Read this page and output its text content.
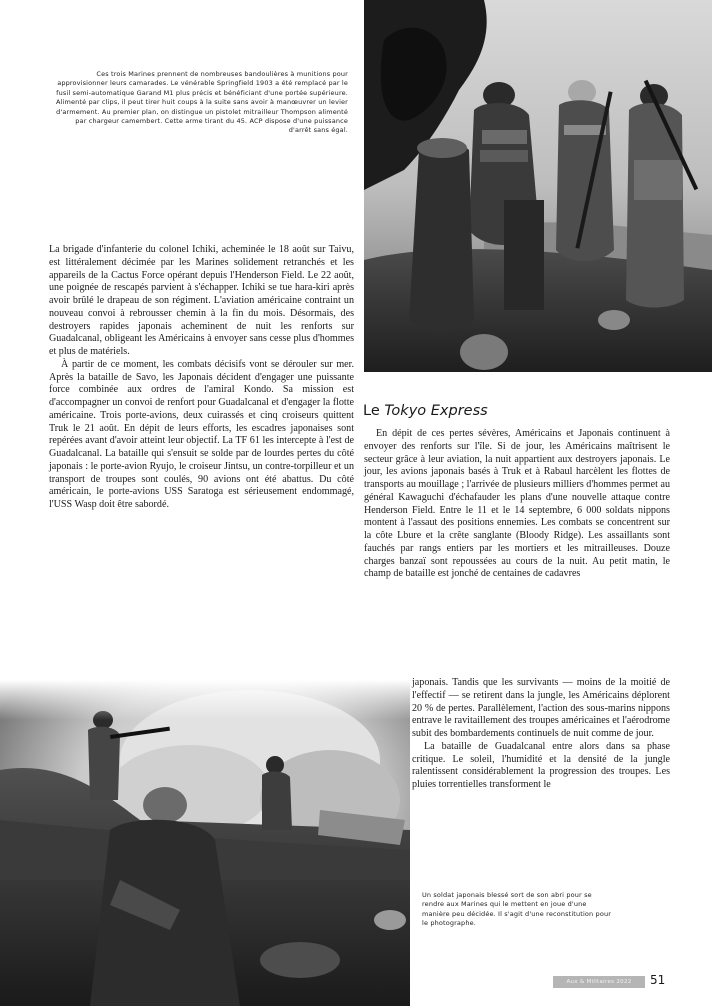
Ces trois Marines prennent de nombreuses bandoulières à munitions pour approvisionner leurs camarades. Le vénérable Springfield 1903 a été remplacé par le fusil semi-automatique Garand M1 plus précis et bénéficiant d'une portée supérieure. Alimenté par clips, il peut tirer huit coups à la suite sans avoir à manœuvrer un levier d'armement. Au premier plan, on distingue un pistolet mitrailleur Thompson alimenté par chargeur camembert. Cette arme tirant du 45. ACP dispose d'une puissance d'arrêt sans égal.

La brigade d'infanterie du colonel Ichiki, acheminée le 18 août sur Taivu, est littéralement décimée par les Marines solidement retranchés et les appareils de la Cactus Force opérant depuis l'Henderson Field. Le 22 août, une poignée de rescapés parvient à s'échapper. Ichiki se tue hara-kiri après avoir brûlé le drapeau de son régiment. L'aviation américaine contraint un nouveau convoi à rebrousser chemin à la fin du mois. Désormais, des destroyers rapides japonais acheminent de nuit les renforts sur Guadalcanal, obligeant les Américains à envoyer sans cesse plus d'hommes et plus de matériels.

À partir de ce moment, les combats décisifs vont se dérouler sur mer. Après la bataille de Savo, les Japonais décident d'engager une puissante force combinée aux ordres de l'amiral Kondo. Sa mission est d'accompagner un convoi de renfort pour Guadalcanal et d'engager la flotte américaine. Trois porte-avions, deux cuirassés et cinq croiseurs quittent Truk le 21 août. En dépit de leurs efforts, les escadres japonaises sont repérées avant d'avoir atteint leur objectif. La TF 61 les intercepte à l'est de Guadalcanal. La bataille qui s'ensuit se solde par de lourdes pertes du côté japonais : le porte-avion Ryujo, le croiseur Jintsu, un contre-torpilleur et un transport de troupes sont coulés, 90 avions ont été abattus. Du côté américain, le porte-avions USS Saratoga est sérieusement endommagé, l'USS Wasp doit être sabordé.

Le Tokyo Express

En dépit de ces pertes sévères, Américains et Japonais continuent à envoyer des renforts sur l'île. Si de jour, les Américains maîtrisent le secteur grâce à leur aviation, la nuit appartient aux destroyers japonais. Le jour, les avions japonais basés à Truk et à Rabaul harcèlent les flottes de transports au mouillage ; l'arrivée de plusieurs milliers d'hommes permet au général Kawaguchi d'échafauder les plans d'une nouvelle attaque contre Henderson Field. Entre le 11 et le 14 septembre, 6 000 soldats nippons montent à l'assaut des positions ennemies. Les combats se concentrent sur la côte Lbure et la crête sanglante (Bloody Ridge). Les assaillants sont fauchés par rangs entiers par les mortiers et les mitrailleuses. Douze charges banzaï sont repoussées au cours de la nuit. Au petit matin, le champ de bataille est jonché de centaines de cadavres

japonais. Tandis que les survivants — moins de la moitié de l'effectif — se retirent dans la jungle, les Américains déplorent 20 % de pertes. Parallèlement, l'action des sous-marins nippons entrave le ravitaillement des troupes américaines et l'aérodrome subit des bombardements continuels de nuit comme de jour.

La bataille de Guadalcanal entre alors dans sa phase critique. Le soleil, l'humidité et la densité de la jungle ralentissent considérablement la progression des troupes. Les pluies torrentielles transforment le

Un soldat japonais blessé sort de son abri pour se rendre aux Marines qui le mettent en joue d'une manière peu décidée. Il s'agit d'une reconstitution pour le photographe.

Aux & Militaires 2022	51
